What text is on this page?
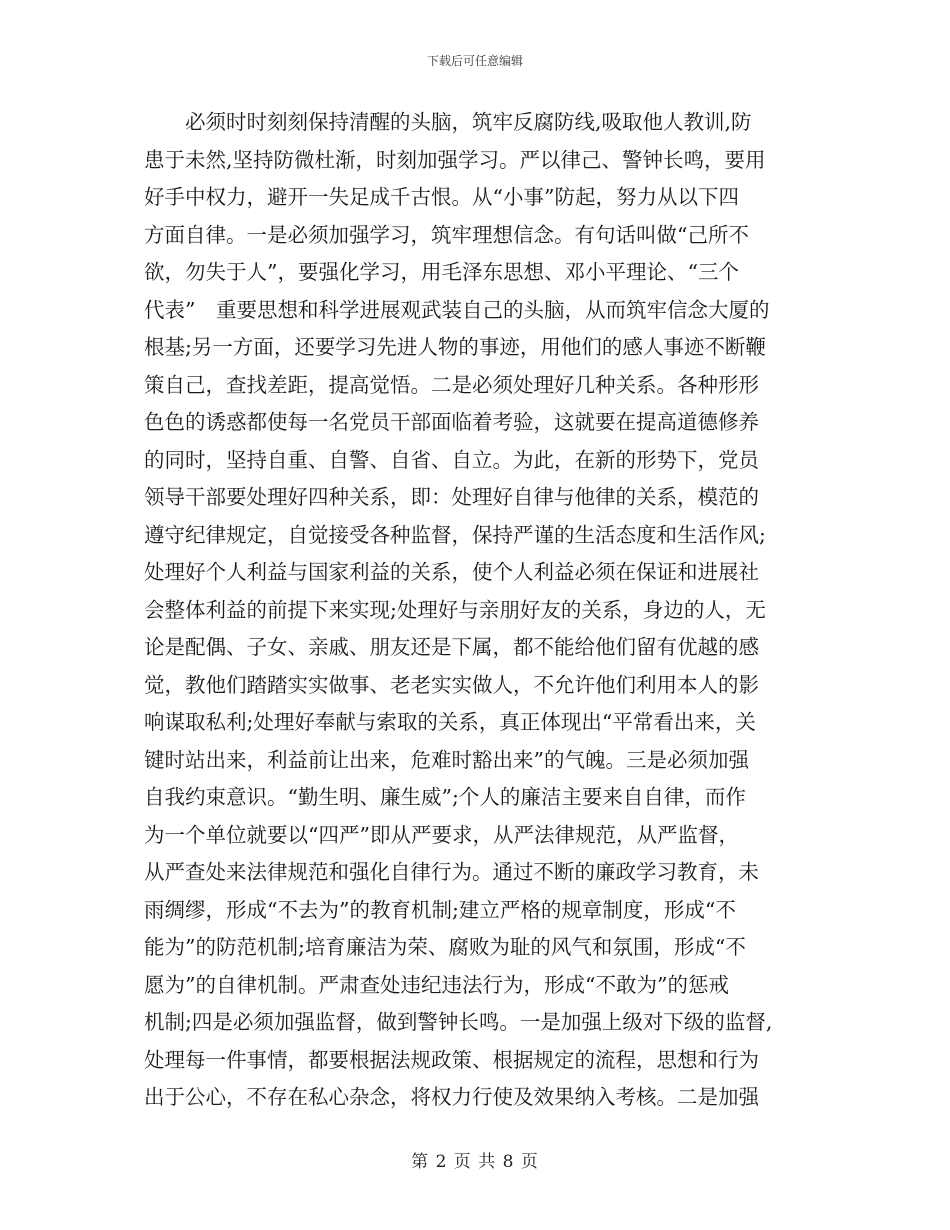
下载后可任意编辑
必须时时刻刻保持清醒的头脑，筑牢反腐防线,吸取他人教训,防
患于未然,坚持防微杜渐，时刻加强学习。严以律己、警钟长鸣，要用
好手中权力，避开一失足成千古恨。从“小事”防起，努力从以下四
方面自律。一是必须加强学习，筑牢理想信念。有句话叫做“己所不
欲，勿失于人”，要强化学习，用毛泽东思想、邓小平理论、“三个
代表”　重要思想和科学进展观武装自己的头脑，从而筑牢信念大厦的
根基;另一方面，还要学习先进人物的事迹，用他们的感人事迹不断鞭
策自己，查找差距，提高觉悟。二是必须处理好几种关系。各种形形
色色的诱惑都使每一名党员干部面临着考验，这就要在提高道德修养
的同时，坚持自重、自警、自省、自立。为此，在新的形势下，党员
领导干部要处理好四种关系，即：处理好自律与他律的关系，模范的
遵守纪律规定，自觉接受各种监督，保持严谨的生活态度和生活作风;
处理好个人利益与国家利益的关系，使个人利益必须在保证和进展社
会整体利益的前提下来实现;处理好与亲朋好友的关系，身边的人，无
论是配偶、子女、亲戚、朋友还是下属，都不能给他们留有优越的感
觉，教他们踏踏实实做事、老老实实做人，不允许他们利用本人的影
响谋取私利;处理好奉献与索取的关系，真正体现出“平常看出来，关
键时站出来，利益前让出来，危难时豁出来”的气魄。三是必须加强
自我约束意识。“勤生明、廉生威”;个人的廉洁主要来自自律，而作
为一个单位就要以“四严”即从严要求，从严法律规范，从严监督，
从严查处来法律规范和强化自律行为。通过不断的廉政学习教育，未
雨绸缪，形成“不去为”的教育机制;建立严格的规章制度，形成“不
能为”的防范机制;培育廉洁为荣、腐败为耻的风气和氛围，形成“不
愿为”的自律机制。严肃查处违纪违法行为，形成“不敢为”的惩戒
机制;四是必须加强监督，做到警钟长鸣。一是加强上级对下级的监督,
处理每一件事情，都要根据法规政策、根据规定的流程，思想和行为
出于公心，不存在私心杂念，将权力行使及效果纳入考核。二是加强
第 2 页 共 8 页
